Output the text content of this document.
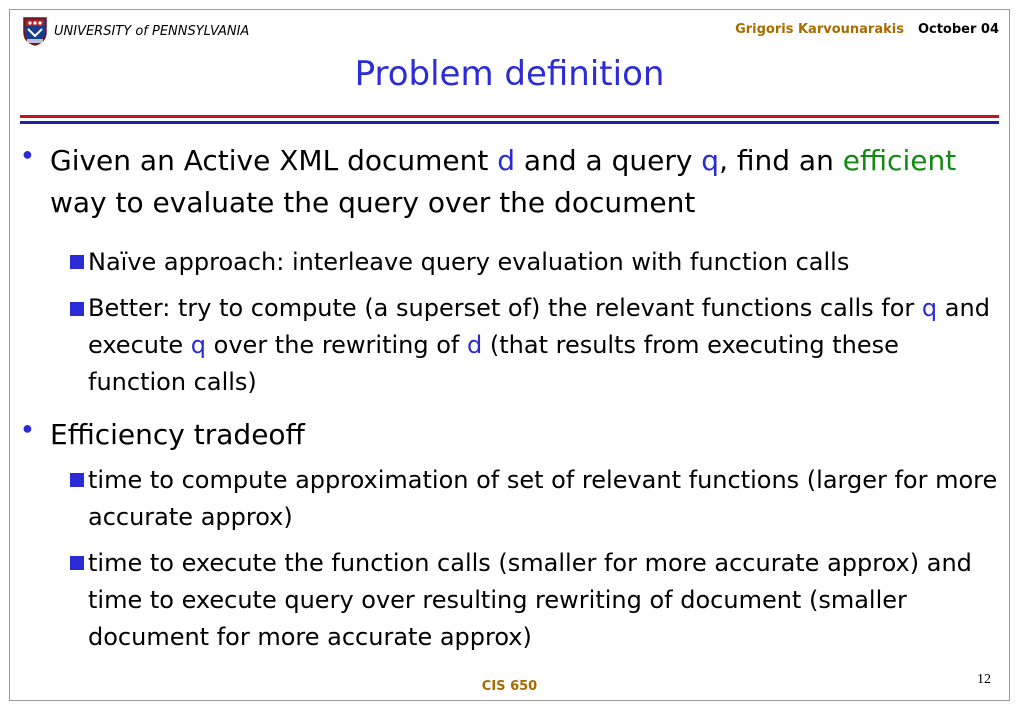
UNIVERSITY of PENNSYLVANIA	Grigoris Karvounarakis October 04
Problem definition
● Given an Active XML document d and a query q, find an efficient way to evaluate the query over the document
Naïve approach: interleave query evaluation with function calls
Better: try to compute (a superset of) the relevant functions calls for q and execute q over the rewriting of d (that results from executing these function calls)
● Efficiency tradeoff
time to compute approximation of set of relevant functions (larger for more accurate approx)
time to execute the function calls (smaller for more accurate approx) and time to execute query over resulting rewriting of document (smaller document for more accurate approx)
CIS 650	12
